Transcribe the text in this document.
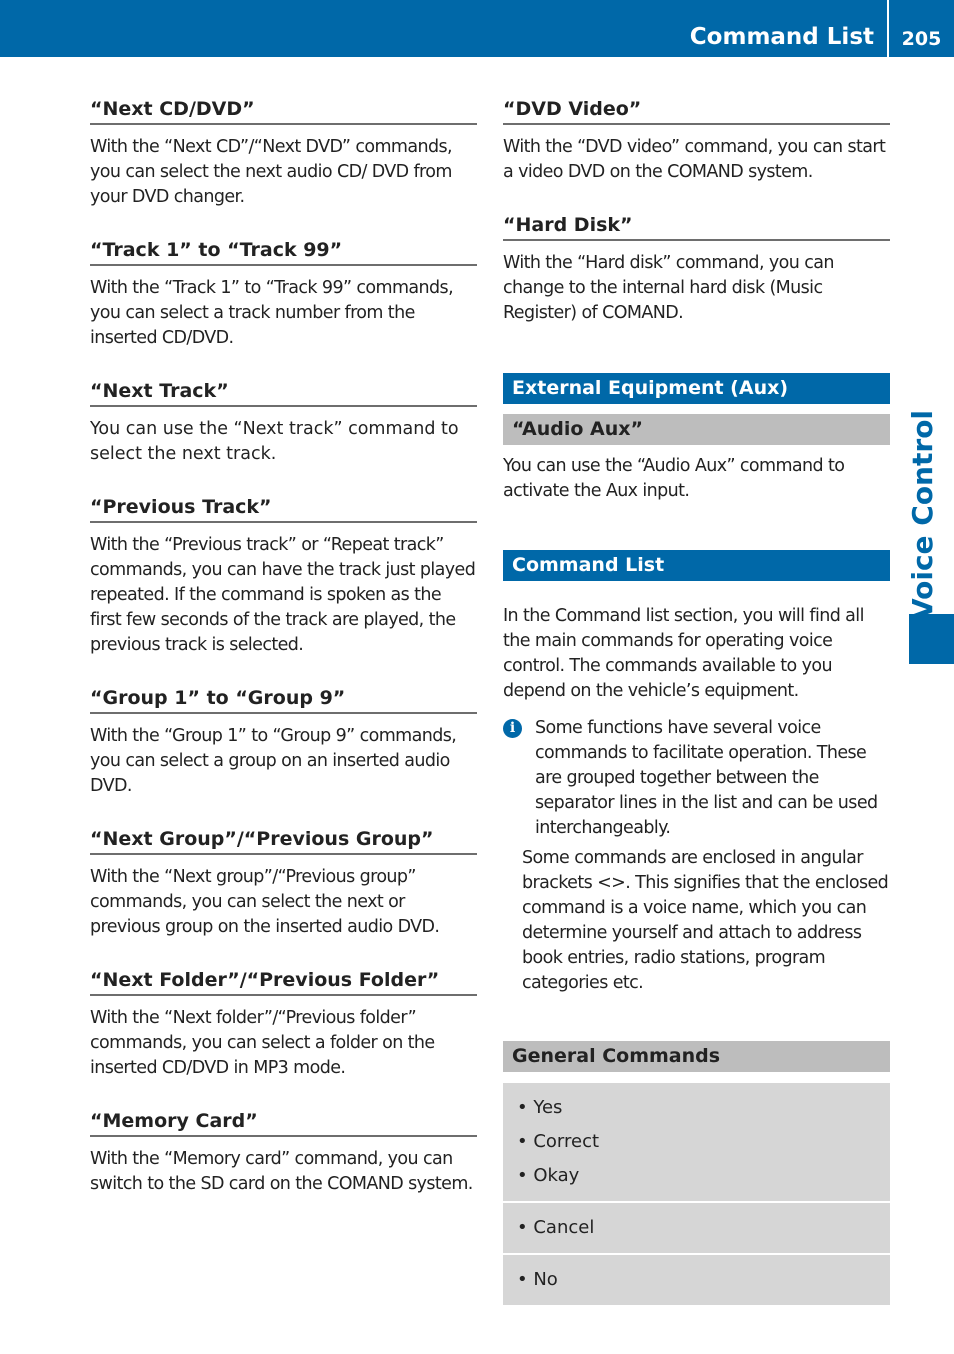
Command List	205
Voice Control
“Next CD/DVD”
With the “Next CD”/“Next DVD” commands, you can select the next audio CD/ DVD from your DVD changer.
“Track 1” to “Track 99”
With the “Track 1” to “Track 99” commands, you can select a track number from the inserted CD/DVD.
“Next Track”
You can use the “Next track” command to select the next track.
“Previous Track”
With the “Previous track” or “Repeat track” commands, you can have the track just played repeated. If the command is spoken as the first few seconds of the track are played, the previous track is selected.
“Group 1” to “Group 9”
With the “Group 1” to “Group 9” commands, you can select a group on an inserted audio DVD.
“Next Group”/“Previous Group”
With the “Next group”/“Previous group” commands, you can select the next or previous group on the inserted audio DVD.
“Next Folder”/“Previous Folder”
With the “Next folder”/“Previous folder” commands, you can select a folder on the inserted CD/DVD in MP3 mode.
“Memory Card”
With the “Memory card” command, you can switch to the SD card on the COMAND system.
“DVD Video”
With the “DVD video” command, you can start a video DVD on the COMAND system.
“Hard Disk”
With the “Hard disk” command, you can change to the internal hard disk (Music Register) of COMAND.
External Equipment (Aux)
“Audio Aux”
You can use the “Audio Aux” command to activate the Aux input.
Command List
In the Command list section, you will find all the main commands for operating voice control. The commands available to you depend on the vehicle’s equipment.
i	Some functions have several voice commands to facilitate operation. These are grouped together between the separator lines in the list and can be used interchangeably.
Some commands are enclosed in angular brackets <>. This signifies that the enclosed command is a voice name, which you can determine yourself and attach to address book entries, radio stations, program categories etc.
General Commands
• Yes
• Correct
• Okay
• Cancel
• No
